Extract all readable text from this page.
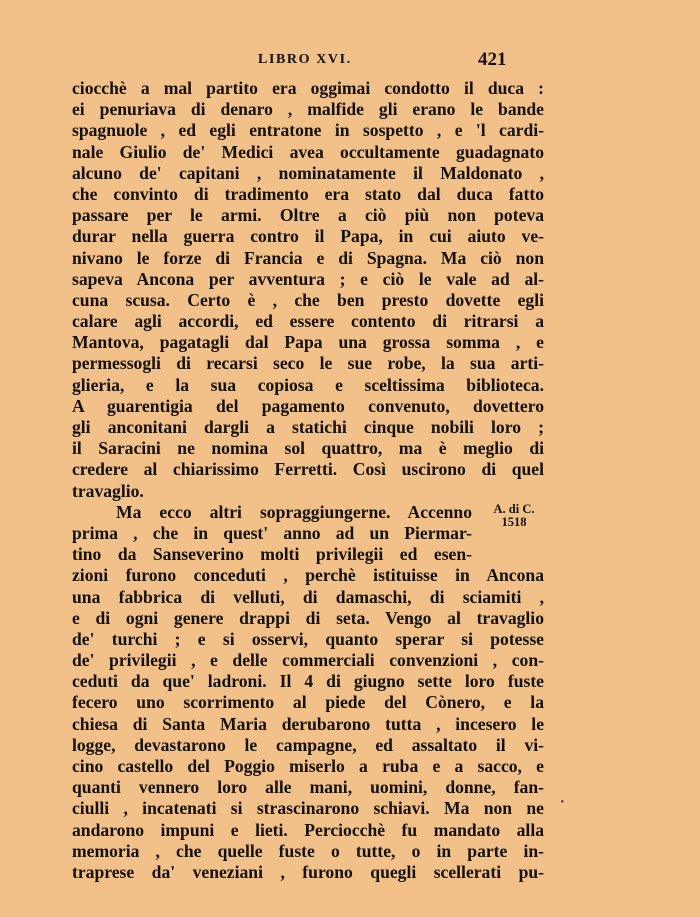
LIBRO XVI.	421
ciocchè a mal partito era oggimai condotto il duca :
ei penuriava di denaro , malfide gli erano le bande
spagnuole , ed egli entratone in sospetto , e 'l cardi-
nale Giulio de' Medici avea occultamente guadagnato
alcuno de' capitani , nominatamente il Maldonato ,
che convinto di tradimento era stato dal duca fatto
passare per le armi. Oltre a ciò più non poteva
durar nella guerra contro il Papa, in cui aiuto ve-
nivano le forze di Francia e di Spagna. Ma ciò non
sapeva Ancona per avventura ; e ciò le vale ad al-
cuna scusa. Certo è , che ben presto dovette egli
calare agli accordi, ed essere contento di ritrarsi a
Mantova, pagatagli dal Papa una grossa somma , e
permessogli di recarsi seco le sue robe, la sua arti-
glieria, e la sua copiosa e sceltissima biblioteca.
A guarentigia del pagamento convenuto, dovettero
gli anconitani dargli a statichi cinque nobili loro ;
il Saracini ne nomina sol quattro, ma è meglio di
credere al chiarissimo Ferretti. Così uscirono di quel
travaglio.
Ma ecco altri sopraggiungerne. Accenno
prima , che in quest' anno ad un Piermar-
tino da Sanseverino molti privilegii ed esen-
zioni furono conceduti , perchè istituisse in Ancona
una fabbrica di velluti, di damaschi, di sciamiti ,
e di ogni genere drappi di seta. Vengo al travaglio
de' turchi ; e si osservi, quanto sperar si potesse
de' privilegii , e delle commerciali convenzioni , con-
ceduti da que' ladroni. Il 4 di giugno sette loro fuste
fecero uno scorrimento al piede del Cònero, e la
chiesa di Santa Maria derubarono tutta , incesero le
logge, devastarono le campagne, ed assaltato il vi-
cino castello del Poggio miserlo a ruba e a sacco, e
quanti vennero loro alle mani, uomini, donne, fan-
ciulli , incatenati si strascinarono schiavi. Ma non ne
andarono impuni e lieti. Perciocchè fu mandato alla
memoria , che quelle fuste o tutte, o in parte in-
traprese da' veneziani , furono quegli scellerati pu-
A. di C.
1518
·
